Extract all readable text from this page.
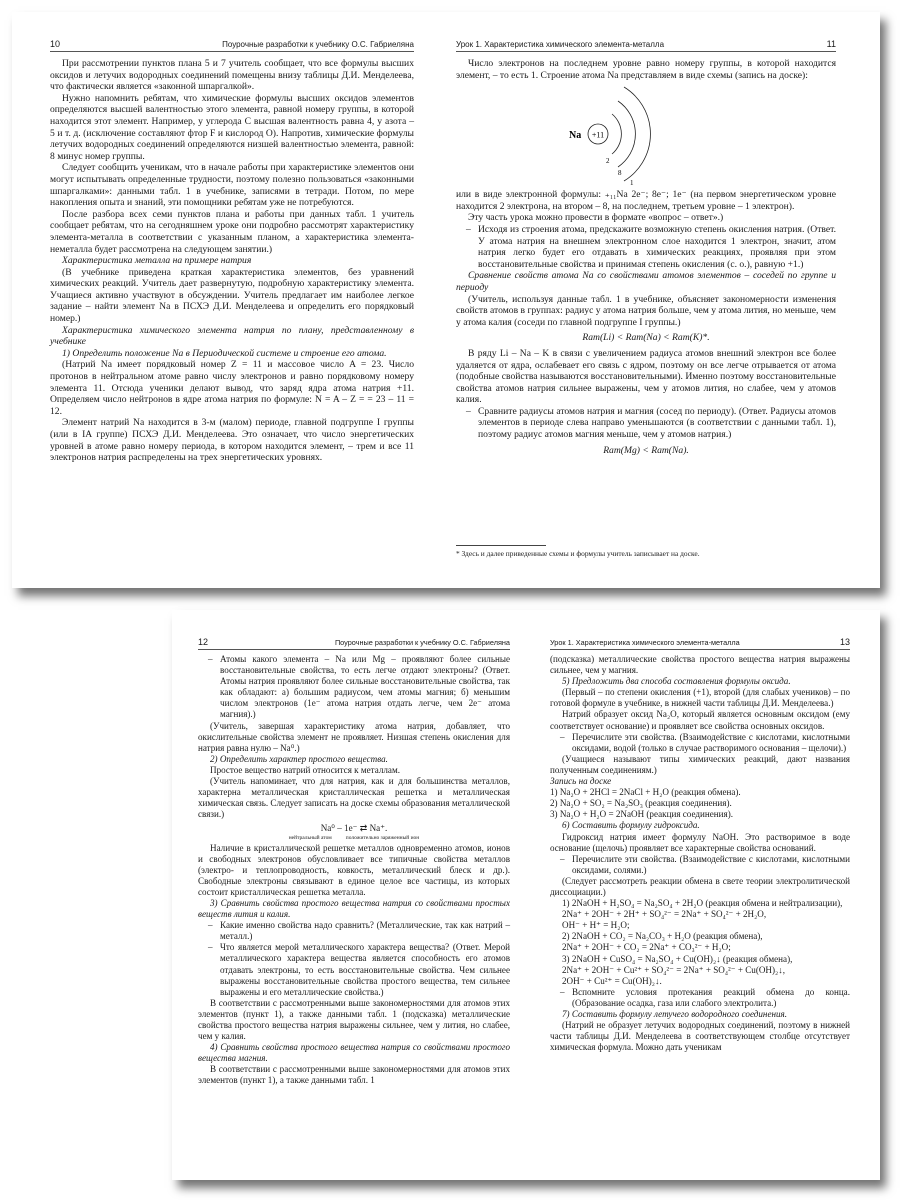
10	Поурочные разработки к учебнику О.С. Габриеляна

При рассмотрении пунктов плана 5 и 7 учитель сообщает, что все формулы высших оксидов и летучих водородных соединений помещены внизу таблицы Д.И. Менделеева, что фактически является «законной шпаргалкой».

Нужно напомнить ребятам, что химические формулы высших оксидов элементов определяются высшей валентностью этого элемента, равной номеру группы, в которой находится этот элемент. Например, у углерода С высшая валентность равна 4, у азота – 5 и т. д. (исключение составляют фтор F и кислород O). Напротив, химические формулы летучих водородных соединений определяются низшей валентностью элемента, равной: 8 минус номер группы.

Следует сообщить ученикам, что в начале работы при характеристике элементов они могут испытывать определенные трудности, поэтому полезно пользоваться «законными шпаргалками»: данными табл. 1 в учебнике, записями в тетради. Потом, по мере накопления опыта и знаний, эти помощники ребятам уже не потребуются.

После разбора всех семи пунктов плана и работы при данных табл. 1 учитель сообщает ребятам, что на сегодняшнем уроке они подробно рассмотрят характеристику элемента-металла в соответствии с указанным планом, а характеристика элемента-неметалла будет рассмотрена на следующем занятии.)

Характеристика металла на примере натрия

(В учебнике приведена краткая характеристика элементов, без уравнений химических реакций. Учитель дает развернутую, подробную характеристику элемента. Учащиеся активно участвуют в обсуждении. Учитель предлагает им наиболее легкое задание – найти элемент Na в ПСХЭ Д.И. Менделеева и определить его порядковый номер.)

Характеристика химического элемента натрия по плану, представленному в учебнике

1) Определить положение Na в Периодической системе и строение его атома.

(Натрий Na имеет порядковый номер Z = 11 и массовое число A = 23. Число протонов в нейтральном атоме равно числу электронов и равно порядковому номеру элемента 11. Отсюда ученики делают вывод, что заряд ядра атома натрия +11. Определяем число нейтронов в ядре атома натрия по формуле: N = A – Z = = 23 – 11 = 12.

Элемент натрий Na находится в 3-м (малом) периоде, главной подгруппе I группы (или в IA группе) ПСХЭ Д.И. Менделеева. Это означает, что число энергетических уровней в атоме равно номеру периода, в котором находится элемент, – трем и все 11 электронов натрия распределены на трех энергетических уровнях.

Урок 1. Характеристика химического элемента-металла	11

Число электронов на последнем уровне равно номеру группы, в которой находится элемент, – то есть 1. Строение атома Na представляем в виде схемы (запись на доске):

Na +11
2
8
1

или в виде электронной формулы: ₊₁₁Na 2e⁻; 8e⁻; 1e⁻ (на первом энергетическом уровне находится 2 электрона, на втором – 8, на последнем, третьем уровне – 1 электрон).

Эту часть урока можно провести в формате «вопрос – ответ».)

– Исходя из строения атома, предскажите возможную степень окисления натрия. (Ответ. У атома натрия на внешнем электронном слое находится 1 электрон, значит, атом натрия легко будет его отдавать в химических реакциях, проявляя при этом восстановительные свойства и принимая степень окисления (с. о.), равную +1.)

Сравнение свойств атома Na со свойствами атомов элементов – соседей по группе и периоду

(Учитель, используя данные табл. 1 в учебнике, объясняет закономерности изменения свойств атомов в группах: радиус у атома натрия больше, чем у атома лития, но меньше, чем у атома калия (соседи по главной подгруппе I группы.)

Rат(Li) < Rат(Na) < Rат(K)*.

В ряду Li – Na – K в связи с увеличением радиуса атомов внешний электрон все более удаляется от ядра, ослабевает его связь с ядром, поэтому он все легче отрывается от атома (подобные свойства называются восстановительными). Именно поэтому восстановительные свойства атомов натрия сильнее выражены, чем у атомов лития, но слабее, чем у атомов калия.

– Сравните радиусы атомов натрия и магния (сосед по периоду). (Ответ. Радиусы атомов элементов в периоде слева направо уменьшаются (в соответствии с данными табл. 1), поэтому радиус атомов магния меньше, чем у атомов натрия.)

Rат(Mg) < Rат(Na).

* Здесь и далее приведенные схемы и формулы учитель записывает на доске.
12	Поурочные разработки к учебнику О.С. Габриеляна

– Атомы какого элемента – Na или Mg – проявляют более сильные восстановительные свойства, то есть легче отдают электроны? (Ответ. Атомы натрия проявляют более сильные восстановительные свойства, так как обладают: а) большим радиусом, чем атомы магния; б) меньшим числом электронов (1e⁻ атома натрия отдать легче, чем 2e⁻ атома магния).)

(Учитель, завершая характеристику атома натрия, добавляет, что окислительные свойства элемент не проявляет. Низшая степень окисления для натрия равна нулю – Na⁰.)

2) Определить характер простого вещества.

Простое вещество натрий относится к металлам.

(Учитель напоминает, что для натрия, как и для большинства металлов, характерна металлическая кристаллическая решетка и металлическая химическая связь. Следует записать на доске схемы образования металлической связи.)

Na⁰ – 1e⁻ ⇄ Na⁺.
нейтральный атом	положительно заряженный ион

Наличие в кристаллической решетке металлов одновременно атомов, ионов и свободных электронов обусловливает все типичные свойства металлов (электро- и теплопроводность, ковкость, металлический блеск и др.). Свободные электроны связывают в единое целое все частицы, из которых состоит кристаллическая решетка металла.

3) Сравнить свойства простого вещества натрия со свойствами простых веществ лития и калия.

– Какие именно свойства надо сравнить? (Металлические, так как натрий – металл.)

– Что является мерой металлического характера вещества? (Ответ. Мерой металлического характера вещества является способность его атомов отдавать электроны, то есть восстановительные свойства. Чем сильнее выражены восстановительные свойства простого вещества, тем сильнее выражены и его металлические свойства.)

В соответствии с рассмотренными выше закономерностями для атомов этих элементов (пункт 1), а также данными табл. 1 (подсказка) металлические свойства простого вещества натрия выражены сильнее, чем у лития, но слабее, чем у калия.

4) Сравнить свойства простого вещества натрия со свойствами простого вещества магния.

В соответствии с рассмотренными выше закономерностями для атомов этих элементов (пункт 1), а также данными табл. 1

Урок 1. Характеристика химического элемента-металла	13

(подсказка) металлические свойства простого вещества натрия выражены сильнее, чем у магния.

5) Предложить два способа составления формулы оксида.

(Первый – по степени окисления (+1), второй (для слабых учеников) – по готовой формуле в учебнике, в нижней части таблицы Д.И. Менделеева.)

Натрий образует оксид Na₂O, который является основным оксидом (ему соответствует основание) и проявляет все свойства основных оксидов.

– Перечислите эти свойства. (Взаимодействие с кислотами, кислотными оксидами, водой (только в случае растворимого основания – щелочи).)

(Учащиеся называют типы химических реакций, дают названия полученным соединениям.)

Запись на доске

1) Na₂O + 2HCl = 2NaCl + H₂O (реакция обмена).

2) Na₂O + SO₂ = Na₂SO₃ (реакция соединения).

3) Na₂O + H₂O = 2NaOH (реакция соединения).

6) Составить формулу гидроксида.

Гидроксид натрия имеет формулу NaOH. Это растворимое в воде основание (щелочь) проявляет все характерные свойства оснований.

– Перечислите эти свойства. (Взаимодействие с кислотами, кислотными оксидами, солями.)

(Следует рассмотреть реакции обмена в свете теории электролитической диссоциации.)

1) 2NaOH + H₂SO₄ = Na₂SO₄ + 2H₂O (реакция обмена и нейтрализации),

2Na⁺ + 2OH⁻ + 2H⁺ + SO₄²⁻ = 2Na⁺ + SO₄²⁻ + 2H₂O,

OH⁻ + H⁺ = H₂O;

2) 2NaOH + CO₂ = Na₂CO₃ + H₂O (реакция обмена),

2Na⁺ + 2OH⁻ + CO₂ = 2Na⁺ + CO₃²⁻ + H₂O;

3) 2NaOH + CuSO₄ = Na₂SO₄ + Cu(OH)₂↓ (реакция обмена),

2Na⁺ + 2OH⁻ + Cu²⁺ + SO₄²⁻ = 2Na⁺ + SO₄²⁻ + Cu(OH)₂↓,

2OH⁻ + Cu²⁺ = Cu(OH)₂↓.

– Вспомните условия протекания реакций обмена до конца. (Образование осадка, газа или слабого электролита.)

7) Составить формулу летучего водородного соединения.

(Натрий не образует летучих водородных соединений, поэтому в нижней части таблицы Д.И. Менделеева в соответствующем столбце отсутствует химическая формула. Можно дать ученикам
